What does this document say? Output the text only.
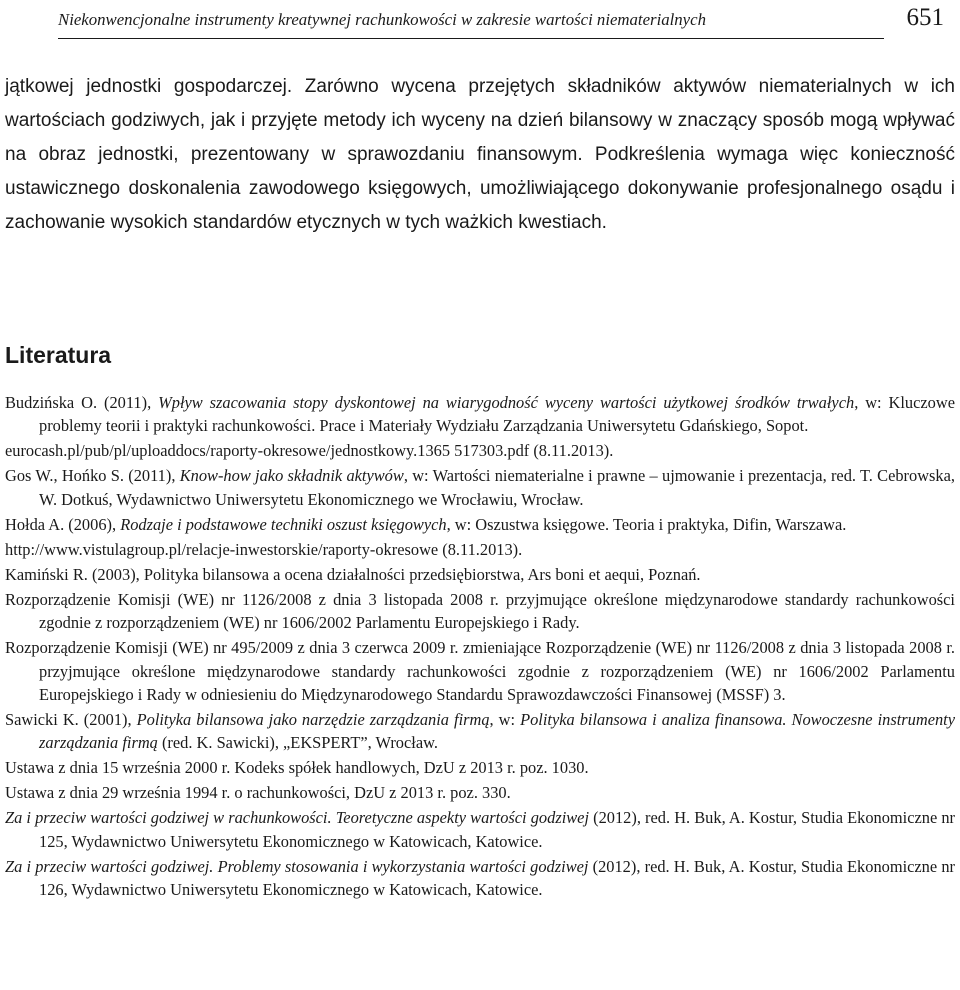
Niekonwencjonalne instrumenty kreatywnej rachunkowości w zakresie wartości niematerialnych	651

jątkowej jednostki gospodarczej. Zarówno wycena przejętych składników aktywów niematerialnych w ich wartościach godziwych, jak i przyjęte metody ich wyceny na dzień bilansowy w znaczący sposób mogą wpływać na obraz jednostki, prezentowany w sprawozdaniu finansowym. Podkreślenia wymaga więc konieczność ustawicznego doskonalenia zawodowego księgowych, umożliwiającego dokonywanie profesjonalnego osądu i zachowanie wysokich standardów etycznych w tych ważkich kwestiach.

Literatura
Budzińska O. (2011), Wpływ szacowania stopy dyskontowej na wiarygodność wyceny wartości użytkowej środków trwałych, w: Kluczowe problemy teorii i praktyki rachunkowości. Prace i Materiały Wydziału Zarządzania Uniwersytetu Gdańskiego, Sopot.
eurocash.pl/pub/pl/uploaddocs/raporty-okresowe/jednostkowy.1365 517303.pdf (8.11.2013).
Gos W., Hońko S. (2011), Know-how jako składnik aktywów, w: Wartości niematerialne i prawne – ujmowanie i prezentacja, red. T. Cebrowska, W. Dotkuś, Wydawnictwo Uniwersytetu Ekonomicznego we Wrocławiu, Wrocław.
Hołda A. (2006), Rodzaje i podstawowe techniki oszust księgowych, w: Oszustwa księgowe. Teoria i praktyka, Difin, Warszawa.
http://www.vistulagroup.pl/relacje-inwestorskie/raporty-okresowe (8.11.2013).
Kamiński R. (2003), Polityka bilansowa a ocena działalności przedsiębiorstwa, Ars boni et aequi, Poznań.
Rozporządzenie Komisji (WE) nr 1126/2008 z dnia 3 listopada 2008 r. przyjmujące określone międzynarodowe standardy rachunkowości zgodnie z rozporządzeniem (WE) nr 1606/2002 Parlamentu Europejskiego i Rady.
Rozporządzenie Komisji (WE) nr 495/2009 z dnia 3 czerwca 2009 r. zmieniające Rozporządzenie (WE) nr 1126/2008 z dnia 3 listopada 2008 r. przyjmujące określone międzynarodowe standardy rachunkowości zgodnie z rozporządzeniem (WE) nr 1606/2002 Parlamentu Europejskiego i Rady w odniesieniu do Międzynarodowego Standardu Sprawozdawczości Finansowej (MSSF) 3.
Sawicki K. (2001), Polityka bilansowa jako narzędzie zarządzania firmą, w: Polityka bilansowa i analiza finansowa. Nowoczesne instrumenty zarządzania firmą (red. K. Sawicki), „EKSPERT”, Wrocław.
Ustawa z dnia 15 września 2000 r. Kodeks spółek handlowych, DzU z 2013 r. poz. 1030.
Ustawa z dnia 29 września 1994 r. o rachunkowości, DzU z 2013 r. poz. 330.
Za i przeciw wartości godziwej w rachunkowości. Teoretyczne aspekty wartości godziwej (2012), red. H. Buk, A. Kostur, Studia Ekonomiczne nr 125, Wydawnictwo Uniwersytetu Ekonomicznego w Katowicach, Katowice.
Za i przeciw wartości godziwej. Problemy stosowania i wykorzystania wartości godziwej (2012), red. H. Buk, A. Kostur, Studia Ekonomiczne nr 126, Wydawnictwo Uniwersytetu Ekonomicznego w Katowicach, Katowice.
